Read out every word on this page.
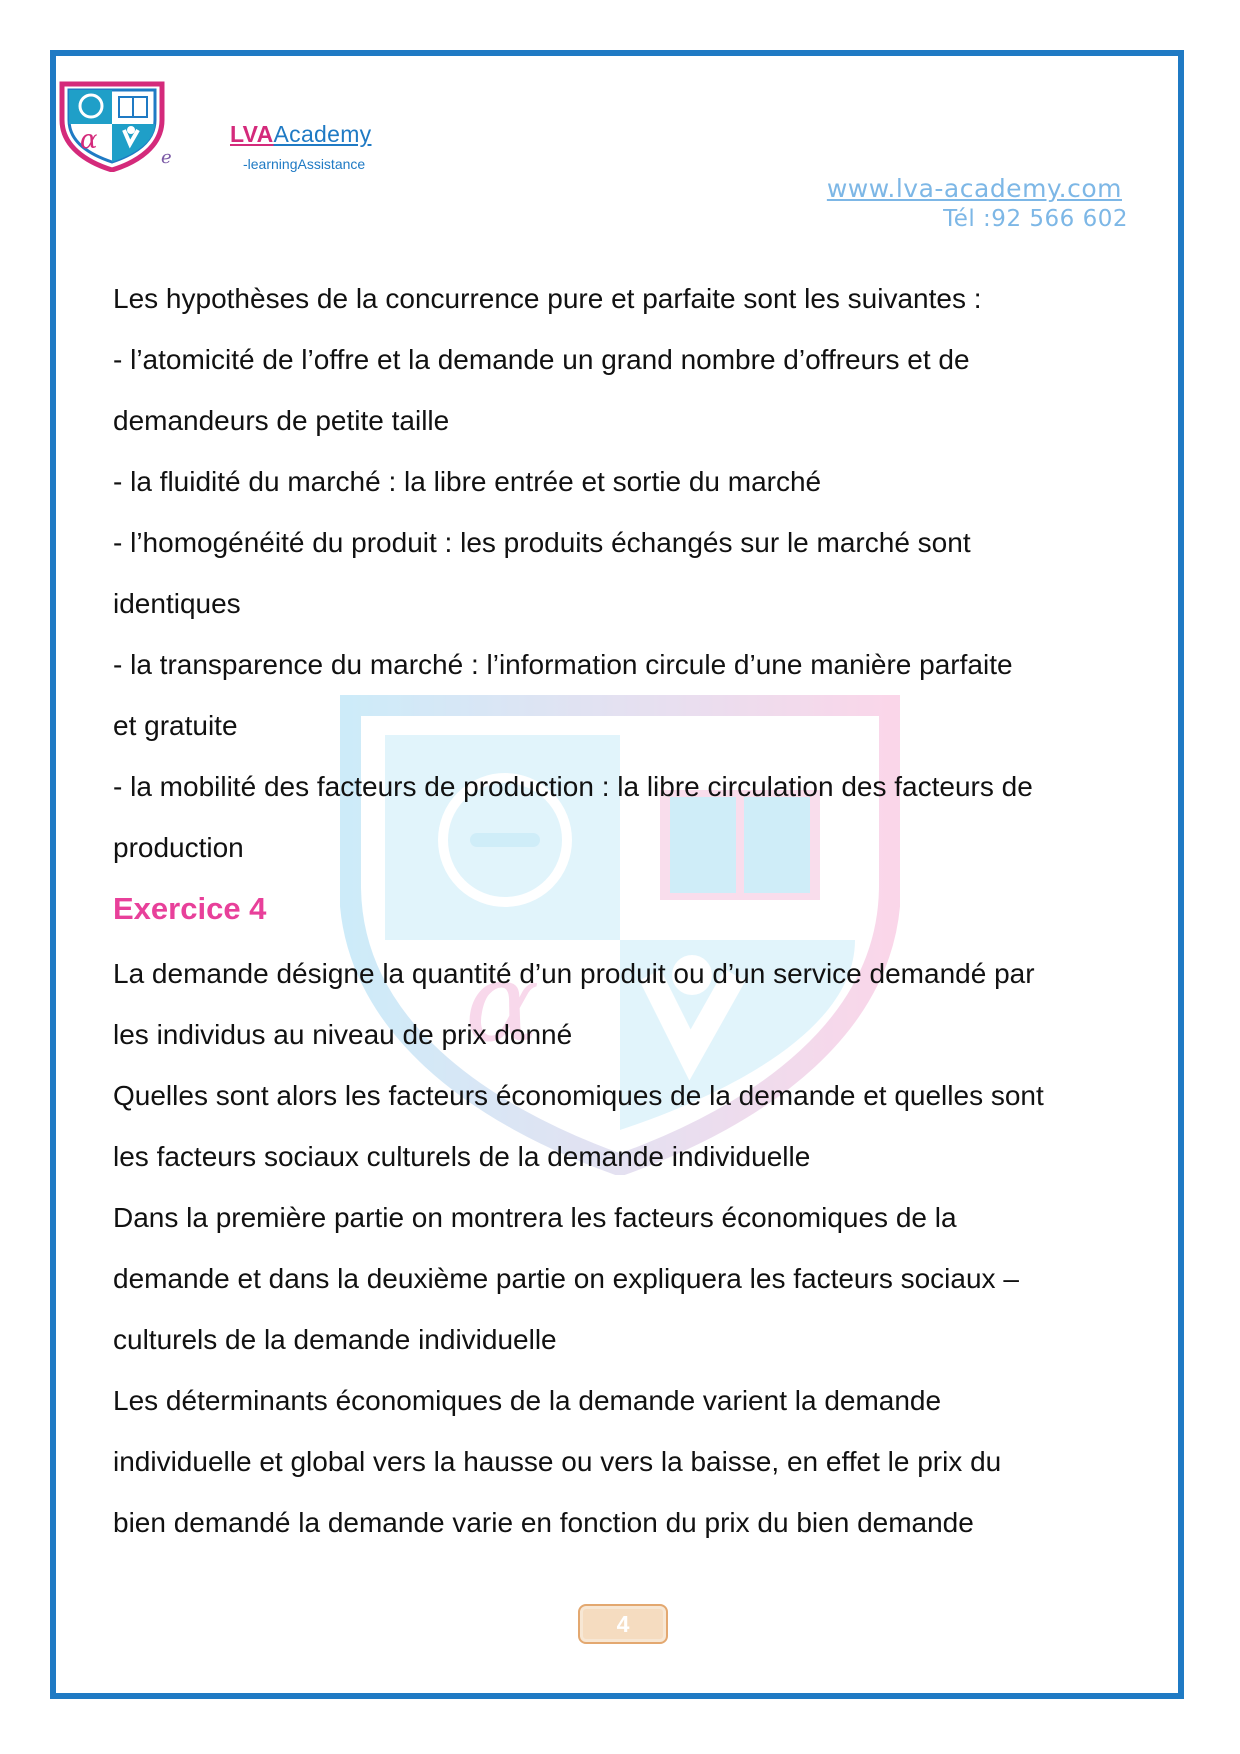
α
e
LVAAcademy
-learningAssistance
www.lva-academy.com
Tél :92 566 602
α

Les hypothèses de la concurrence pure et parfaite sont les suivantes :

- l’atomicité de l’offre et la demande un grand nombre d’offreurs et de

demandeurs de petite taille

- la fluidité du marché : la libre entrée et sortie du marché

- l’homogénéité du produit : les produits échangés sur le marché sont

identiques

- la transparence du marché : l’information circule d’une manière parfaite

et gratuite

- la mobilité des facteurs de production : la libre circulation des facteurs de

production

Exercice 4

La demande désigne la quantité d’un produit ou d’un service demandé par

les individus au niveau de prix donné

Quelles sont alors les facteurs économiques de la demande et quelles sont

les facteurs sociaux culturels de la demande individuelle

Dans la première partie on montrera les facteurs économiques de la

demande et dans la deuxième partie on expliquera les facteurs sociaux –

culturels de la demande individuelle

Les déterminants économiques de la demande varient la demande

individuelle et global vers la hausse ou vers la baisse, en effet le prix du

bien demandé la demande varie en fonction du prix du bien demande

4
